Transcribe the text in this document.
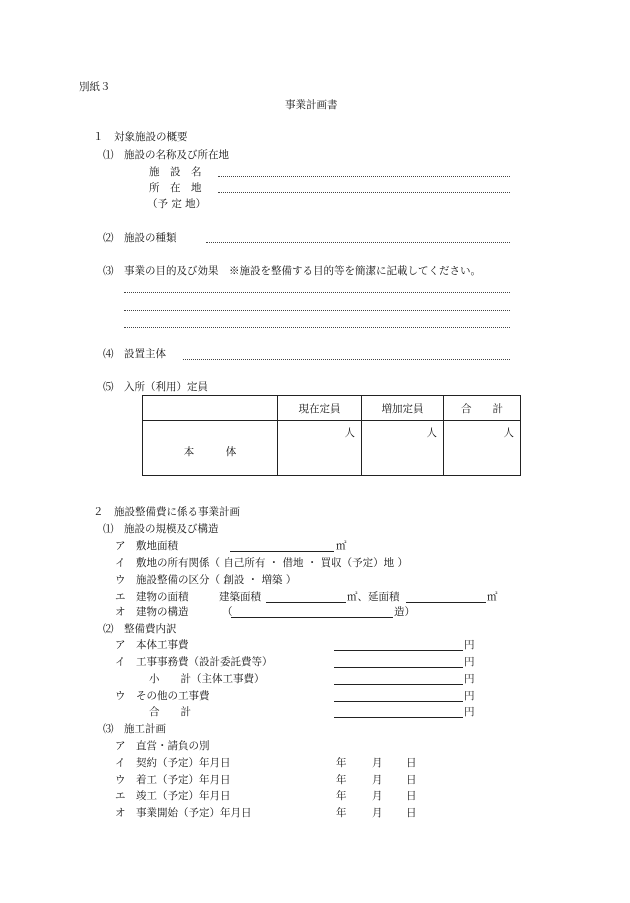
別紙３
事業計画書
１　対象施設の概要
⑴　施設の名称及び所在地
施　設　名
所　在　地
（予 定 地）
⑵　施設の種類
⑶　事業の目的及び効果　※施設を整備する目的等を簡潔に記載してください。
⑷　設置主体
⑸　入所（利用）定員
	現在定員	増加定員	合　　計
本　　　体	人	人	人
２　施設整備費に係る事業計画
⑴　施設の規模及び構造
ア　敷地面積	㎡
イ　敷地の所有関係（ 自己所有 ・ 借地 ・ 買収（予定）地 ）
ウ　施設整備の区分（ 創設 ・ 増築 ）
エ　建物の面積	建築面積	㎡、延面積	㎡
オ　建物の構造	（	造）
⑵　整備費内訳
ア　本体工事費	円
イ　工事事務費（設計委託費等）	円
小　　計（主体工事費）	円
ウ　その他の工事費	円
合　　計	円
⑶　施工計画
ア　直営・請負の別
イ　契約（予定）年月日	年 月 日
ウ　着工（予定）年月日	年 月 日
エ　竣工（予定）年月日	年 月 日
オ　事業開始（予定）年月日	年 月 日
